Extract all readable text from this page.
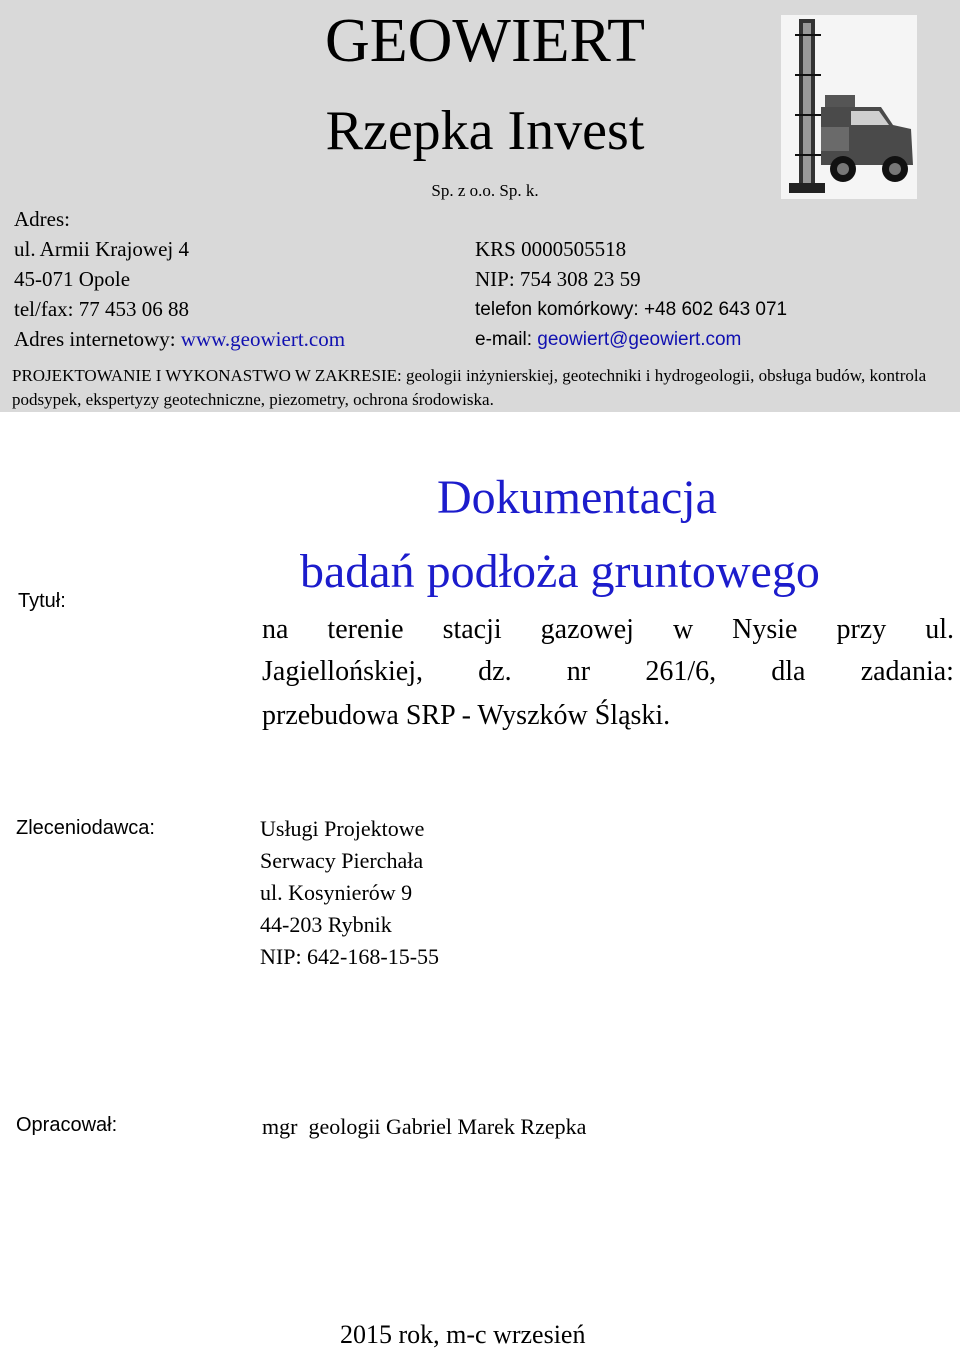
GEOWIERT
Rzepka Invest
Sp. z o.o. Sp. k.
Adres:
ul. Armii Krajowej 4
45-071 Opole
tel/fax: 77 453 06 88
Adres internetowy: www.geowiert.com
KRS 0000505518
NIP: 754 308 23 59
telefon komórkowy: +48 602 643 071
e-mail: geowiert@geowiert.com
PROJEKTOWANIE I WYKONASTWO W ZAKRESIE: geologii inżynierskiej, geotechniki i hydrogeologii, obsługa budów, kontrola podsypek, ekspertyzy geotechniczne, piezometry, ochrona środowiska.
Tytuł:
Dokumentacja
badań podłoża gruntowego
na terenie stacji gazowej w Nysie przy ul.
Jagiellońskiej, dz. nr 261/6, dla zadania:
przebudowa SRP - Wyszków Śląski.
Zleceniodawca:	Usługi Projektowe
Serwacy Pierchała
ul. Kosynierów 9
44-203 Rybnik
NIP: 642-168-15-55
Opracował:	mgr  geologii Gabriel Marek Rzepka
2015 rok, m-c wrzesień
